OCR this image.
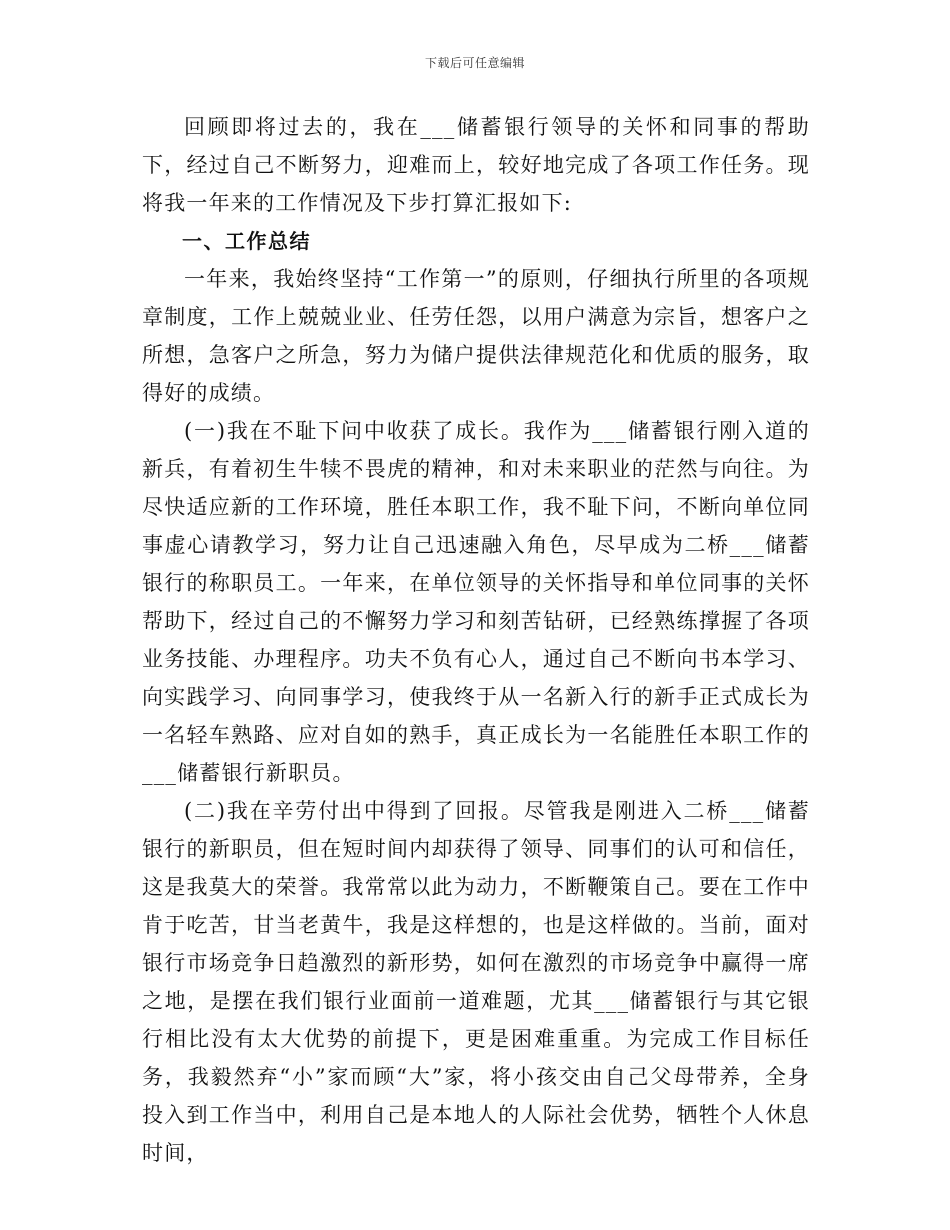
下载后可任意编辑

回顾即将过去的，我在___储蓄银行领导的关怀和同事的帮助下，经过自己不断努力，迎难而上，较好地完成了各项工作任务。现将我一年来的工作情况及下步打算汇报如下:

一、工作总结

一年来，我始终坚持“工作第一”的原则，仔细执行所里的各项规章制度，工作上兢兢业业、任劳任怨，以用户满意为宗旨，想客户之所想，急客户之所急，努力为储户提供法律规范化和优质的服务，取得好的成绩。

(一)我在不耻下问中收获了成长。我作为___储蓄银行刚入道的新兵，有着初生牛犊不畏虎的精神，和对未来职业的茫然与向往。为尽快适应新的工作环境，胜任本职工作，我不耻下问，不断向单位同事虚心请教学习，努力让自己迅速融入角色，尽早成为二桥___储蓄银行的称职员工。一年来，在单位领导的关怀指导和单位同事的关怀帮助下，经过自己的不懈努力学习和刻苦钻研，已经熟练撑握了各项业务技能、办理程序。功夫不负有心人，通过自己不断向书本学习、向实践学习、向同事学习，使我终于从一名新入行的新手正式成长为一名轻车熟路、应对自如的熟手，真正成长为一名能胜任本职工作的___储蓄银行新职员。

(二)我在辛劳付出中得到了回报。尽管我是刚进入二桥___储蓄银行的新职员，但在短时间内却获得了领导、同事们的认可和信任，这是我莫大的荣誉。我常常以此为动力，不断鞭策自己。要在工作中肯于吃苦，甘当老黄牛，我是这样想的，也是这样做的。当前，面对银行市场竞争日趋激烈的新形势，如何在激烈的市场竞争中赢得一席之地，是摆在我们银行业面前一道难题，尤其___储蓄银行与其它银行相比没有太大优势的前提下，更是困难重重。为完成工作目标任务，我毅然弃“小”家而顾“大”家，将小孩交由自己父母带养，全身投入到工作当中，利用自己是本地人的人际社会优势，牺牲个人休息时间，
